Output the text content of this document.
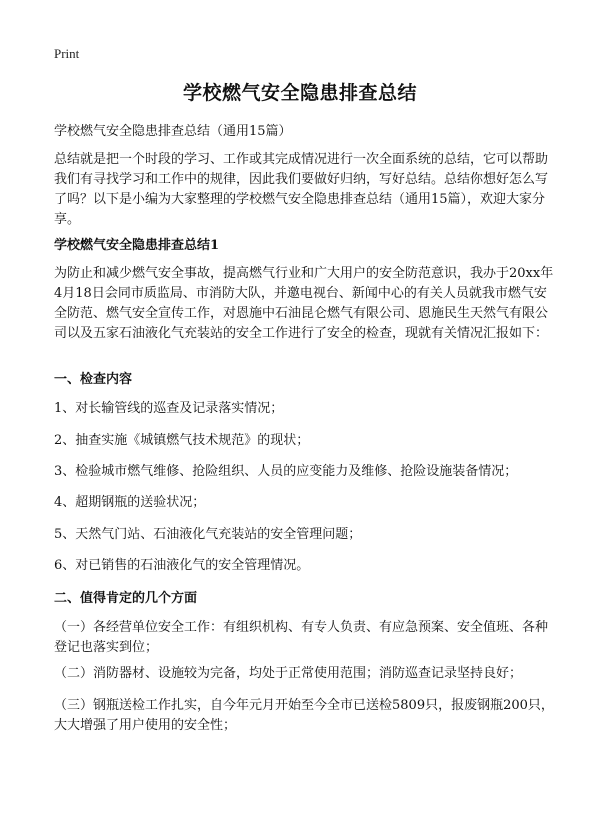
Print
学校燃气安全隐患排查总结
学校燃气安全隐患排查总结（通用15篇）
总结就是把一个时段的学习、工作或其完成情况进行一次全面系统的总结，它可以帮助我们有寻找学习和工作中的规律，因此我们要做好归纳，写好总结。总结你想好怎么写了吗？以下是小编为大家整理的学校燃气安全隐患排查总结（通用15篇），欢迎大家分享。
学校燃气安全隐患排查总结1
为防止和减少燃气安全事故，提高燃气行业和广大用户的安全防范意识，我办于20xx年4月18日会同市质监局、市消防大队，并邀电视台、新闻中心的有关人员就我市燃气安全防范、燃气安全宣传工作，对恩施中石油昆仑燃气有限公司、恩施民生天然气有限公司以及五家石油液化气充装站的安全工作进行了安全的检查，现就有关情况汇报如下：
一、检查内容
1、对长输管线的巡查及记录落实情况；
2、抽查实施《城镇燃气技术规范》的现状；
3、检验城市燃气维修、抢险组织、人员的应变能力及维修、抢险设施装备情况；
4、超期钢瓶的送验状况；
5、天然气门站、石油液化气充装站的安全管理问题；
6、对已销售的石油液化气的安全管理情况。
二、值得肯定的几个方面
（一）各经营单位安全工作：有组织机构、有专人负责、有应急预案、安全值班、各种登记也落实到位；
（二）消防器材、设施较为完备，均处于正常使用范围；消防巡查记录坚持良好；
（三）钢瓶送检工作扎实，自今年元月开始至今全市已送检5809只，报废钢瓶200只，大大增强了用户使用的安全性；
